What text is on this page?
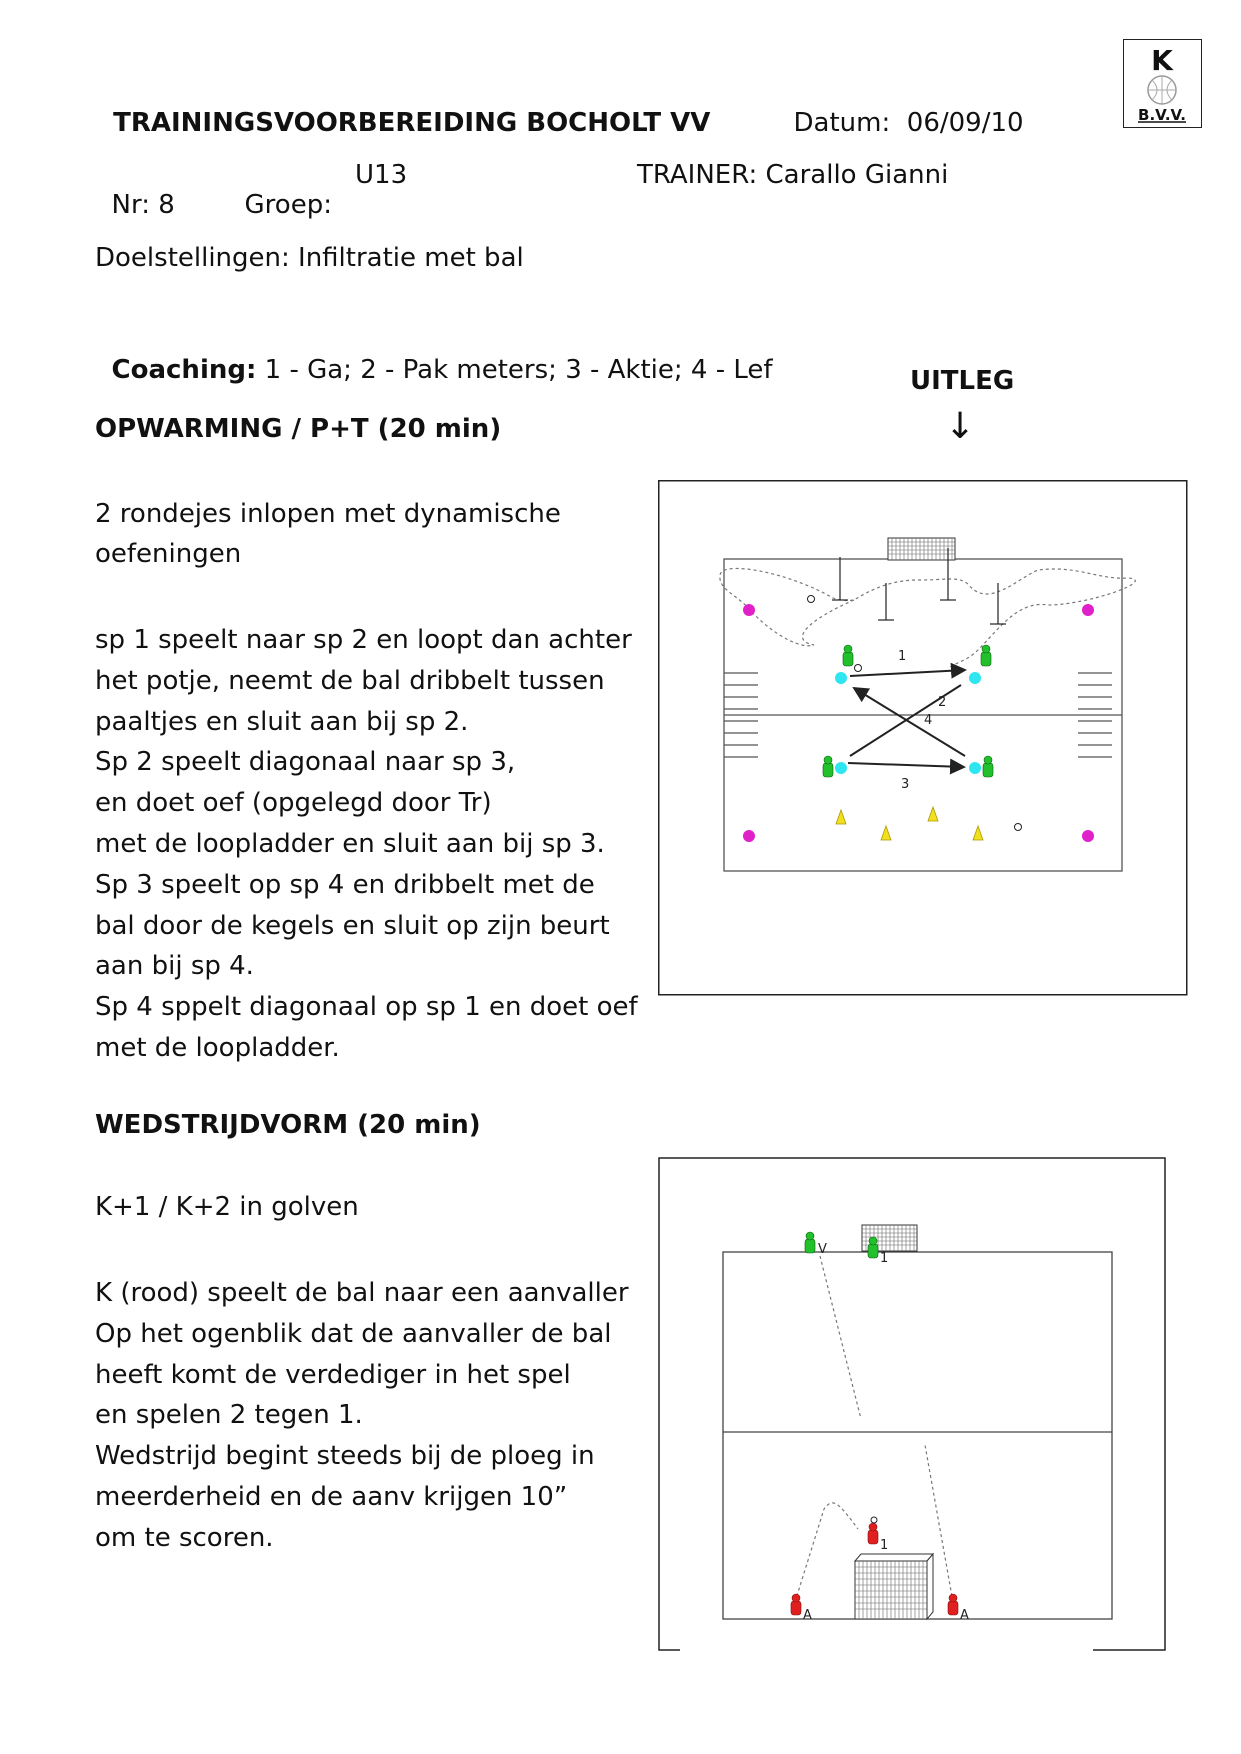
TRAININGSVOORBEREIDING BOCHOLT VV	Datum: 06/09/10

K
B.V.V.

Nr: 8	Groep:

U13	TRAINER: Carallo Gianni
Doelstellingen: Infiltratie met bal

Coaching: 1 - Ga; 2 - Pak meters; 3 - Aktie; 4 - Lef	UITLEG
↓
OPWARMING / P+T (20 min)
2 rondejes inlopen met dynamische oefeningen
sp 1 speelt naar sp 2 en loopt dan achter
het potje, neemt de bal dribbelt tussen
paaltjes en sluit aan bij sp 2.
Sp 2 speelt diagonaal naar sp 3,
en doet oef (opgelegd door Tr)
met de loopladder en sluit aan bij sp 3.
Sp 3 speelt op sp 4 en dribbelt met de
bal door de kegels en sluit op zijn beurt
aan bij sp 4.
Sp 4 sppelt diagonaal op sp 1 en doet oef
met de loopladder.
1
2
3
4
WEDSTRIJDVORM (20 min)
K+1 / K+2 in golven
K (rood) speelt de bal naar een aanvaller
Op het ogenblik dat de aanvaller de bal
heeft komt de verdediger in het spel
en spelen 2 tegen 1.
Wedstrijd begint steeds bij de ploeg in
meerderheid en de aanv krijgen 10”
om te scoren.
V
1
1
A	A
